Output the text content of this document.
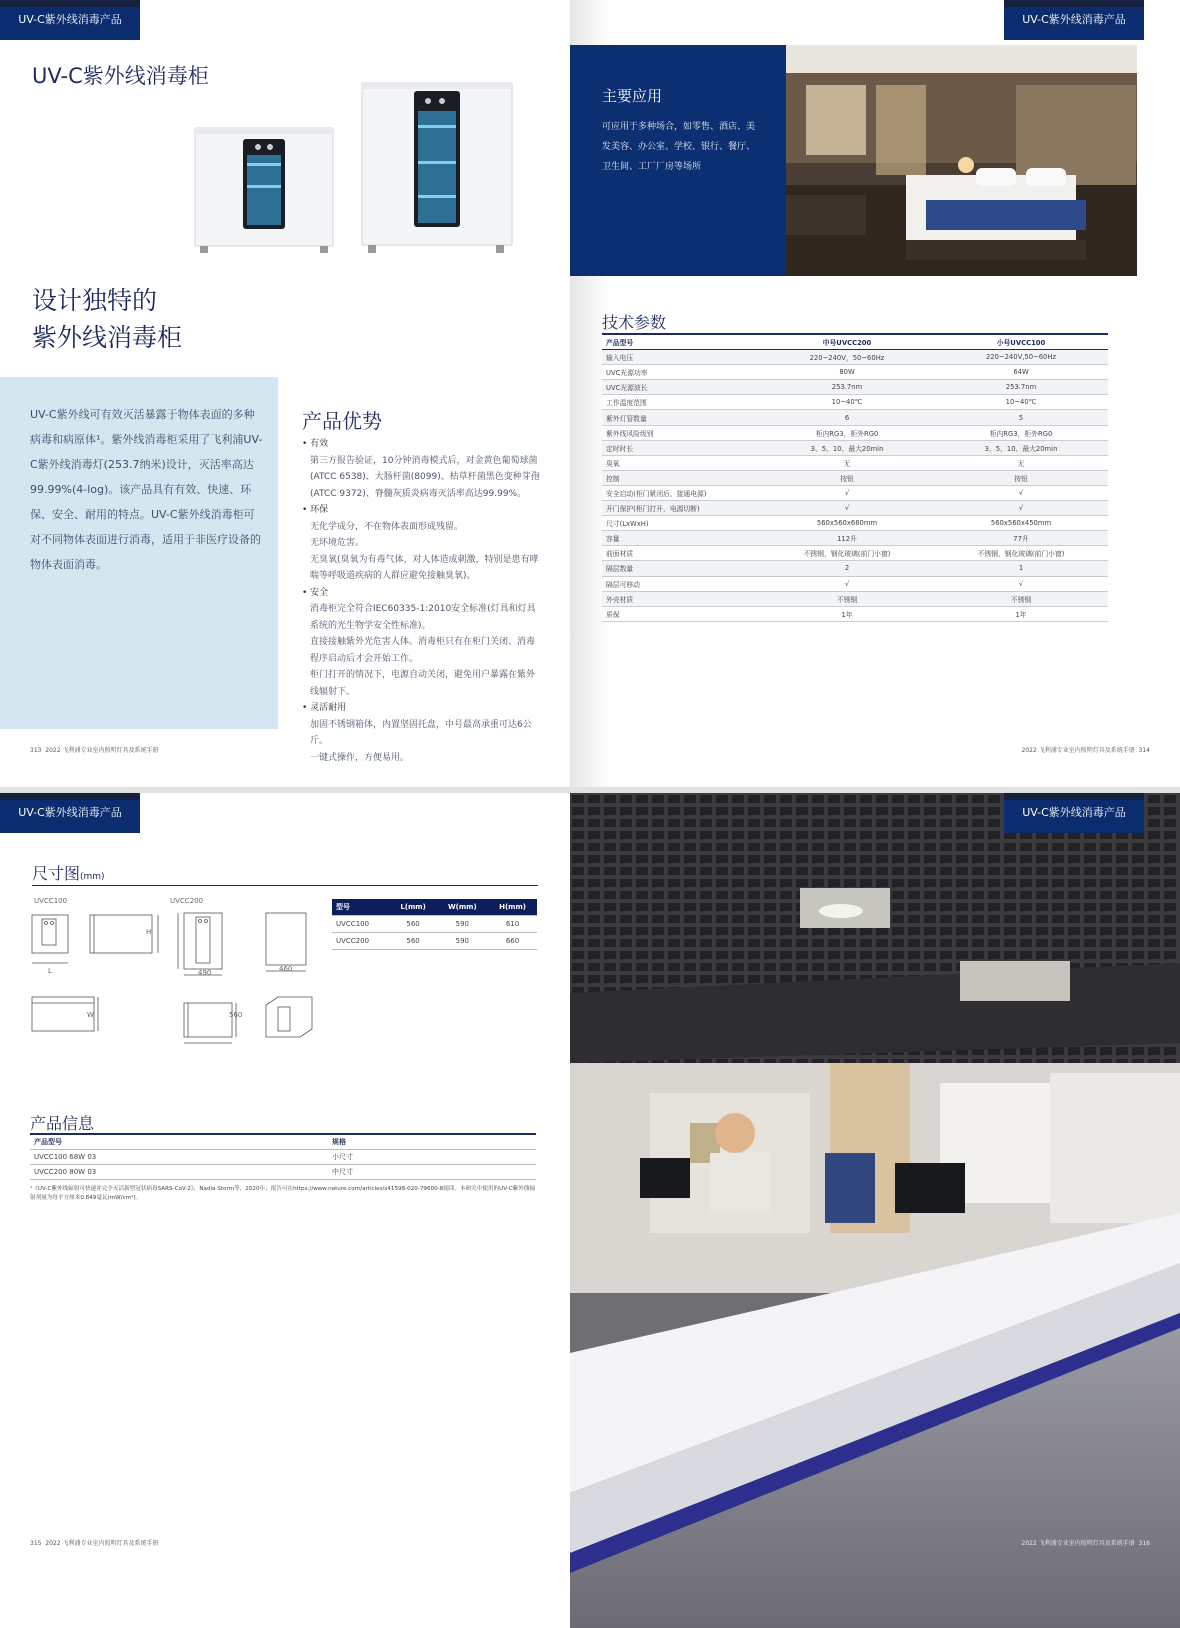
UV-C紫外线消毒产品
UV-C紫外线消毒柜
设计独特的
紫外线消毒柜
UV-C紫外线可有效灭活暴露于物体表面的多种病毒和病原体¹。紫外线消毒柜采用了飞利浦UV-C紫外线消毒灯(253.7纳米)设计，灭活率高达99.99%(4-log)。该产品具有有效、快速、环保、安全、耐用的特点。UV-C紫外线消毒柜可对不同物体表面进行消毒，适用于非医疗设备的物体表面消毒。
产品优势
• 有效
第三方报告验证，10分钟消毒模式后，对金黄色葡萄球菌(ATCC 6538)、大肠杆菌(8099)、枯草杆菌黑色变种芽孢(ATCC 9372)、脊髓灰质炎病毒灭活率高达99.99%。
• 环保
无化学成分，不在物体表面形成残留。
无环境危害。
无臭氧(臭氧为有毒气体，对人体造成刺激，特别是患有哮喘等呼吸道疾病的人群应避免接触臭氧)。
• 安全
消毒柜完全符合IEC60335-1:2010安全标准(灯具和灯具系统的光生物学安全性标准)。
直接接触紫外光危害人体。消毒柜只有在柜门关闭、消毒程序启动后才会开始工作。
柜门打开的情况下，电源自动关闭，避免用户暴露在紫外线辐射下。
• 灵活耐用
加固不锈钢箱体，内置坚固托盘，中号最高承重可达6公斤。
一键式操作，方便易用。
313 2022 飞利浦专业室内照明灯具及系统手册
UV-C紫外线消毒产品
主要应用
可应用于多种场合，如零售、酒店、美发美容、办公室、学校、银行、餐厅、卫生间、工厂厂房等场所
技术参数
产品型号	中号UVCC200	小号UVCC100
输入电压	220~240V，50~60Hz	220~240V,50~60Hz
UVC光源功率	80W	64W
UVC光源波长	253.7nm	253.7nm
工作温度范围	10~40℃	10~40℃
紫外灯管数量	6	5
紫外线风险级别	柜内RG3，柜外RG0	柜内RG3，柜外RG0
定时时长	3、5、10、最大20min	3、5、10、最大20min
臭氧	无	无
控制	按钮	按钮
安全启动(柜门紧闭后，接通电源)	√	√
开门保护(柜门打开，电源切断)	√	√
尺寸(LxWxH)	560x560x660mm	560x560x450mm
容量	112升	77升
前面材质	不锈钢，钢化玻璃(前门小窗)	不锈钢，钢化玻璃(前门小窗)
隔层数量	2	1
隔层可移动	√	√
外壳材质	不锈钢	不锈钢
质保	1年	1年
2022 飞利浦专业室内照明灯具及系统手册 314
UV-C紫外线消毒产品
尺寸图(mm)
UVCC100	UVCC200
L
H
W
490	460
560
型号	L(mm)	W(mm)	H(mm)
UVCC100	560	590	610
UVCC200	560	590	660
产品信息
产品型号	规格
UVCC100 68W 03	小尺寸
UVCC200 80W 03	中尺寸
¹《UV-C紫外线辐射可快速并完全灭活新型冠状病毒SARS-CoV-2》，Nadia Storm等，2020年；报告可在https://www.nature.com/articles/s41598-020-79600-8阅读。本研究中使用的UV-C紫外线辐射剂量为每平方厘米0.849毫瓦(mW/cm²)。
315 2022 飞利浦专业室内照明灯具及系统手册
UV-C紫外线消毒产品
2022 飞利浦专业室内照明灯具及系统手册 316
